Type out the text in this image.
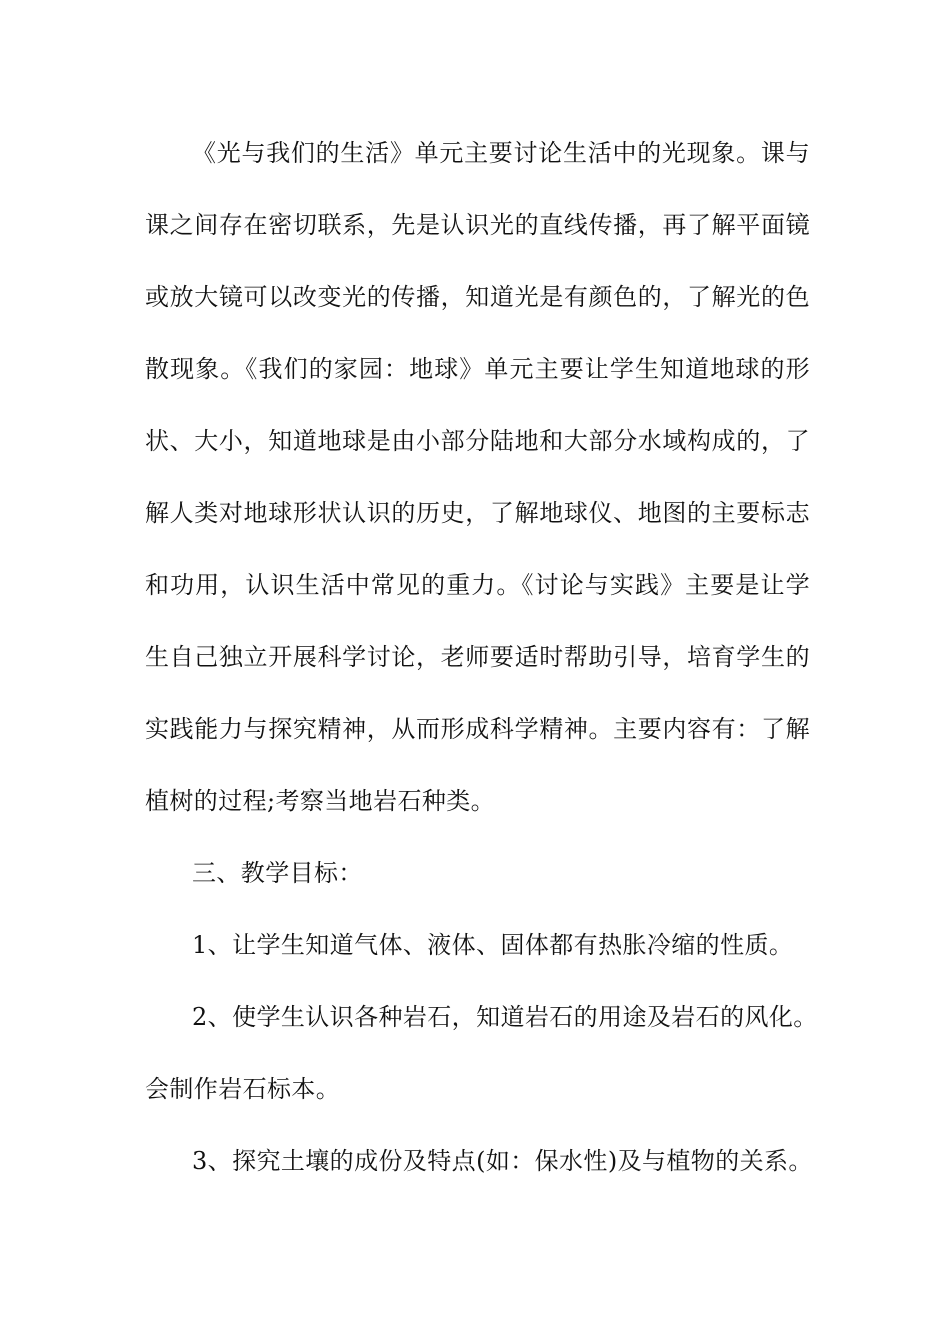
《光与我们的生活》单元主要讨论生活中的光现象。课与
课之间存在密切联系，先是认识光的直线传播，再了解平面镜
或放大镜可以改变光的传播，知道光是有颜色的，了解光的色
散现象。《我们的家园：地球》单元主要让学生知道地球的形
状、大小，知道地球是由小部分陆地和大部分水域构成的，了
解人类对地球形状认识的历史，了解地球仪、地图的主要标志
和功用，认识生活中常见的重力。《讨论与实践》主要是让学
生自己独立开展科学讨论，老师要适时帮助引导，培育学生的
实践能力与探究精神，从而形成科学精神。主要内容有：了解
植树的过程;考察当地岩石种类。
三、教学目标：
1、让学生知道气体、液体、固体都有热胀冷缩的性质。
2、使学生认识各种岩石，知道岩石的用途及岩石的风化。
会制作岩石标本。
3、探究土壤的成份及特点(如：保水性)及与植物的关系。
